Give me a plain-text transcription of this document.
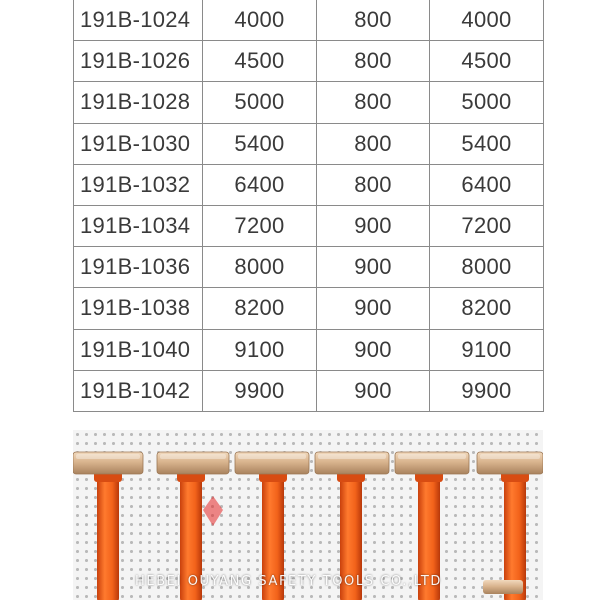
191B-1024	4000	800	4000
191B-1026	4500	800	4500
191B-1028	5000	800	5000
191B-1030	5400	800	5400
191B-1032	6400	800	6400
191B-1034	7200	900	7200
191B-1036	8000	900	8000
191B-1038	8200	900	8200
191B-1040	9100	900	9100
191B-1042	9900	900	9900
HEBEI OUYANG SAFETY TOOLS CO.,LTD
